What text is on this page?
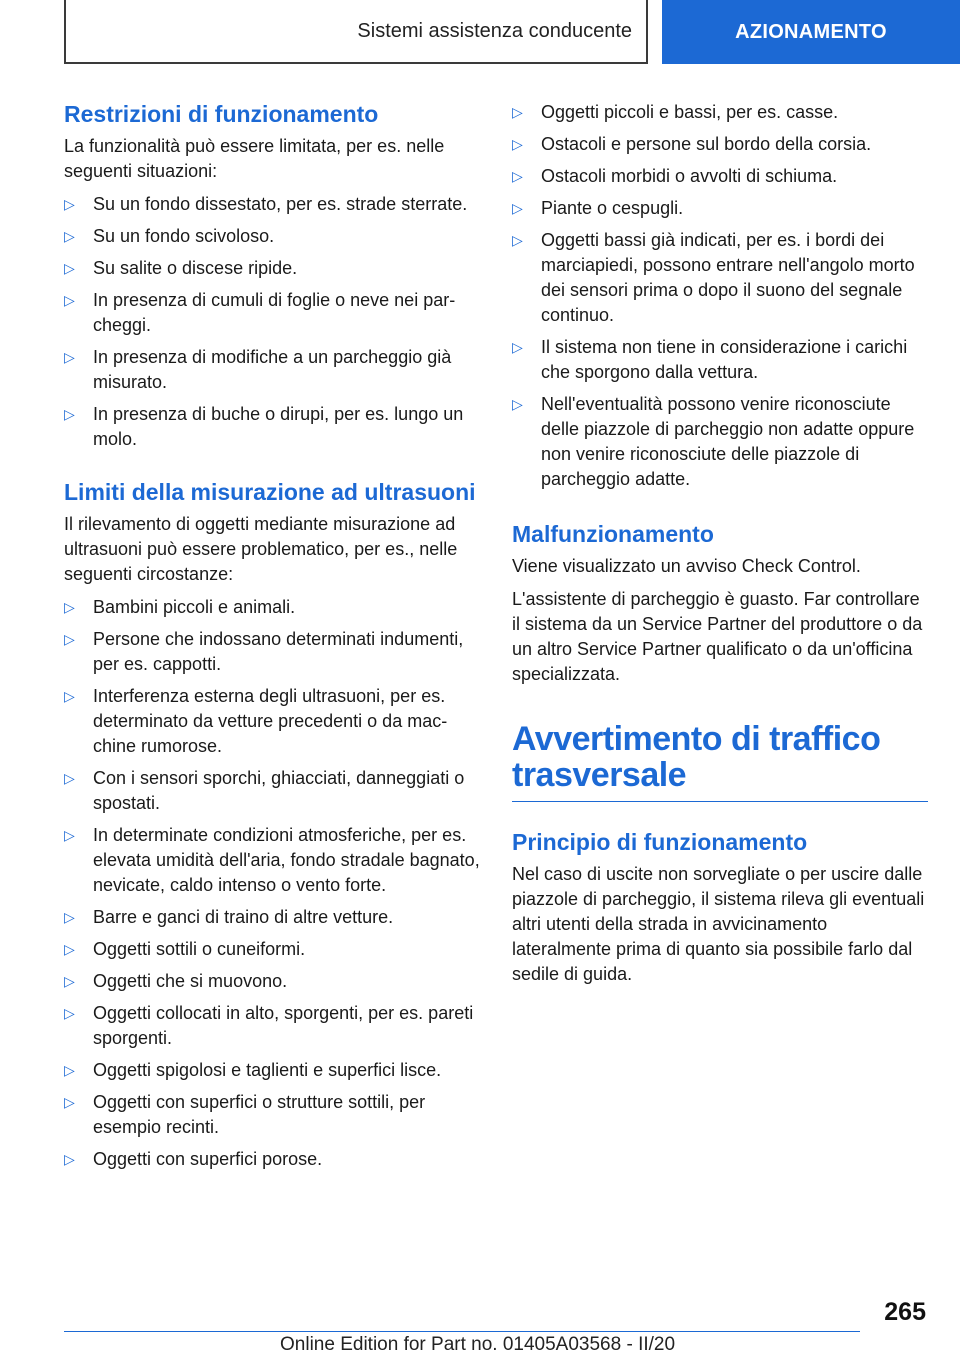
Sistemi assistenza conducente	AZIONAMENTO
Restrizioni di funzionamento

La funzionalità può essere limitata, per es. nelle seguenti situazioni:

▷ Su un fondo dissestato, per es. strade sterrate.
▷ Su un fondo scivoloso.
▷ Su salite o discese ripide.
▷ In presenza di cumuli di foglie o neve nei parcheggi.
▷ In presenza di modifiche a un parcheggio già misurato.
▷ In presenza di buche o dirupi, per es. lungo un molo.
Limiti della misurazione ad ultrasuoni

Il rilevamento di oggetti mediante misurazione ad ultrasuoni può essere problematico, per es., nelle seguenti circostanze:

▷ Bambini piccoli e animali.
▷ Persone che indossano determinati indumenti, per es. cappotti.
▷ Interferenza esterna degli ultrasuoni, per es. determinato da vetture precedenti o da macchine rumorose.
▷ Con i sensori sporchi, ghiacciati, danneggiati o spostati.
▷ In determinate condizioni atmosferiche, per es. elevata umidità dell'aria, fondo stradale bagnato, nevicate, caldo intenso o vento forte.
▷ Barre e ganci di traino di altre vetture.
▷ Oggetti sottili o cuneiformi.
▷ Oggetti che si muovono.
▷ Oggetti collocati in alto, sporgenti, per es. pareti sporgenti.
▷ Oggetti spigolosi e taglienti e superfici lisce.
▷ Oggetti con superfici o strutture sottili, per esempio recinti.
▷ Oggetti con superfici porose.
▷ Oggetti piccoli e bassi, per es. casse.
▷ Ostacoli e persone sul bordo della corsia.
▷ Ostacoli morbidi o avvolti di schiuma.
▷ Piante o cespugli.
▷ Oggetti bassi già indicati, per es. i bordi dei marciapiedi, possono entrare nell'angolo morto dei sensori prima o dopo il suono del segnale continuo.
▷ Il sistema non tiene in considerazione i carichi che sporgono dalla vettura.
▷ Nell'eventualità possono venire riconosciute delle piazzole di parcheggio non adatte oppure non venire riconosciute delle piazzole di parcheggio adatte.
Malfunzionamento

Viene visualizzato un avviso Check Control.

L'assistente di parcheggio è guasto. Far controllare il sistema da un Service Partner del produttore o da un altro Service Partner qualificato o da un'officina specializzata.

Avvertimento di traffico trasversale
Principio di funzionamento

Nel caso di uscite non sorvegliate o per uscire dalle piazzole di parcheggio, il sistema rileva gli eventuali altri utenti della strada in avvicinamento lateralmente prima di quanto sia possibile farlo dal sedile di guida.

265
Online Edition for Part no. 01405A03568 - II/20
